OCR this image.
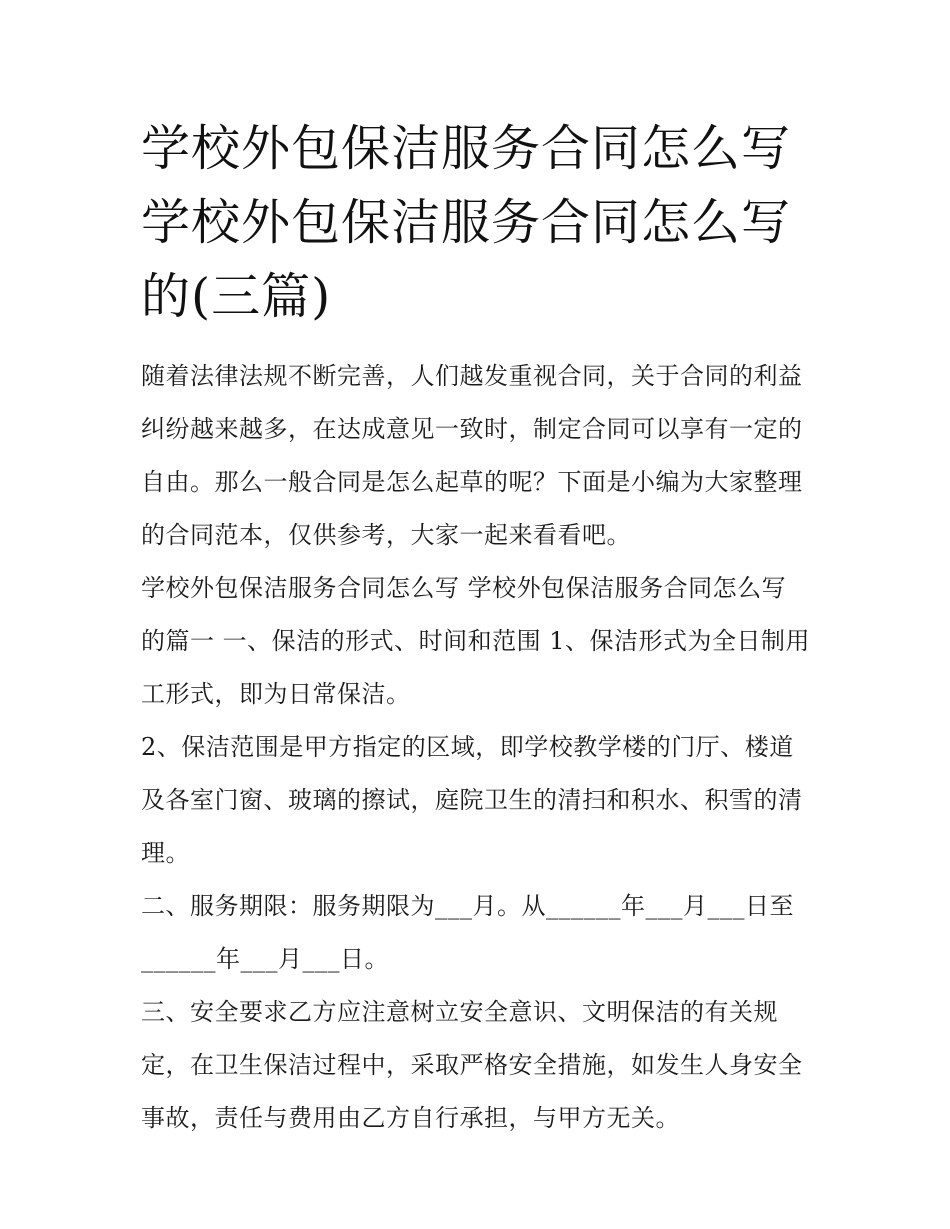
学校外包保洁服务合同怎么写
学校外包保洁服务合同怎么写
的(三篇)

随着法律法规不断完善，人们越发重视合同，关于合同的利益
纠纷越来越多，在达成意见一致时，制定合同可以享有一定的
自由。那么一般合同是怎么起草的呢？下面是小编为大家整理
的合同范本，仅供参考，大家一起来看看吧。

学校外包保洁服务合同怎么写 学校外包保洁服务合同怎么写
的篇一 一、保洁的形式、时间和范围 1、保洁形式为全日制用
工形式，即为日常保洁。

2、保洁范围是甲方指定的区域，即学校教学楼的门厅、楼道
及各室门窗、玻璃的擦试，庭院卫生的清扫和积水、积雪的清
理。

二、服务期限：服务期限为___月。从______年___月___日至
______年___月___日。

三、安全要求乙方应注意树立安全意识、文明保洁的有关规
定，在卫生保洁过程中，采取严格安全措施，如发生人身安全
事故，责任与费用由乙方自行承担，与甲方无关。
